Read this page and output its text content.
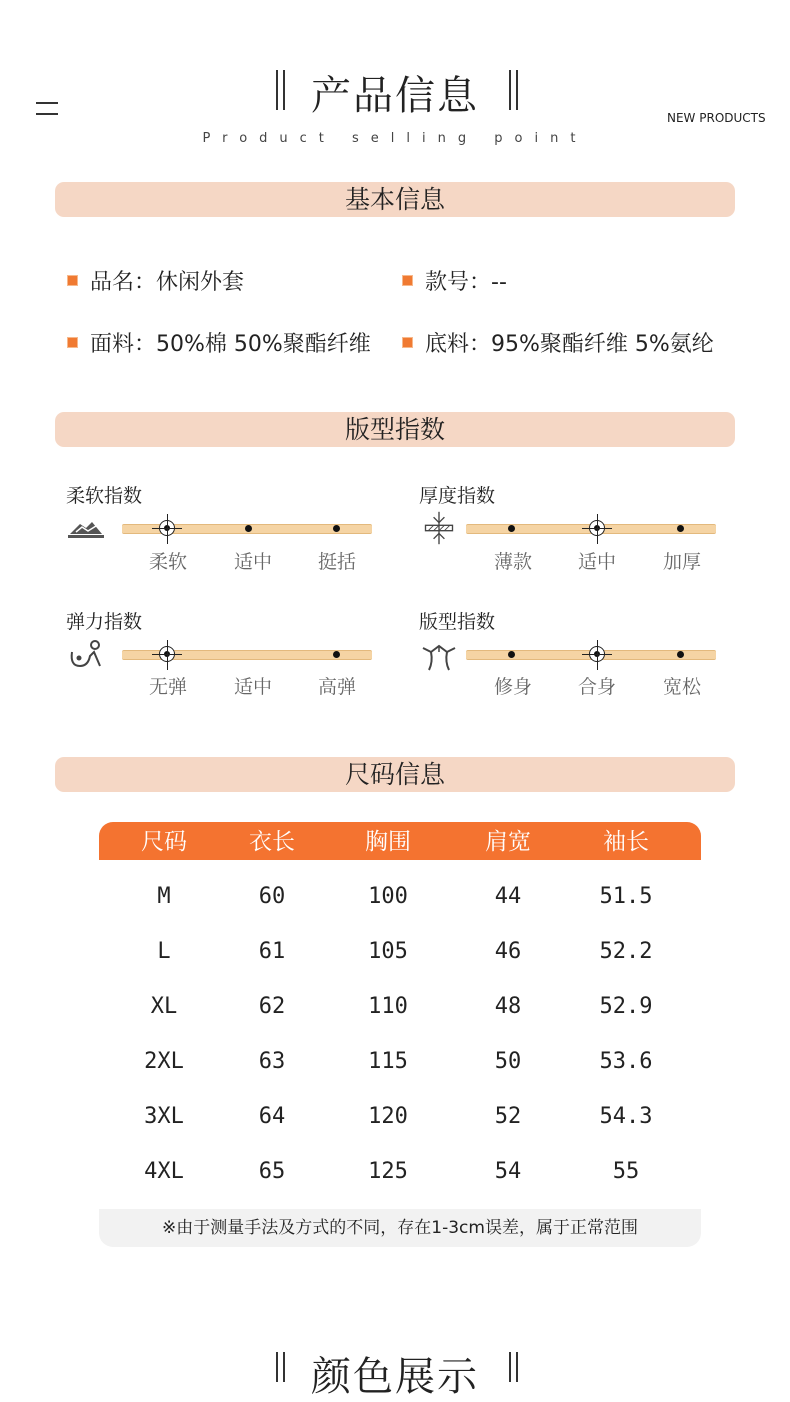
产品信息	NEW PRODUCTS
Product selling point
基本信息
品名：休闲外套	款号：--
面料：50%棉 50%聚酯纤维	底料：95%聚酯纤维 5%氨纶
版型指数
柔软指数
柔软	适中	挺括
厚度指数
薄款	适中	加厚
弹力指数
无弹	适中	高弹
版型指数
修身	合身	宽松
尺码信息
尺码	衣长	胸围	肩宽	袖长
M	60	100	44	51.5
L	61	105	46	52.2
XL	62	110	48	52.9
2XL	63	115	50	53.6
3XL	64	120	52	54.3
4XL	65	125	54	55
※由于测量手法及方式的不同，存在1-3cm误差，属于正常范围
颜色展示
